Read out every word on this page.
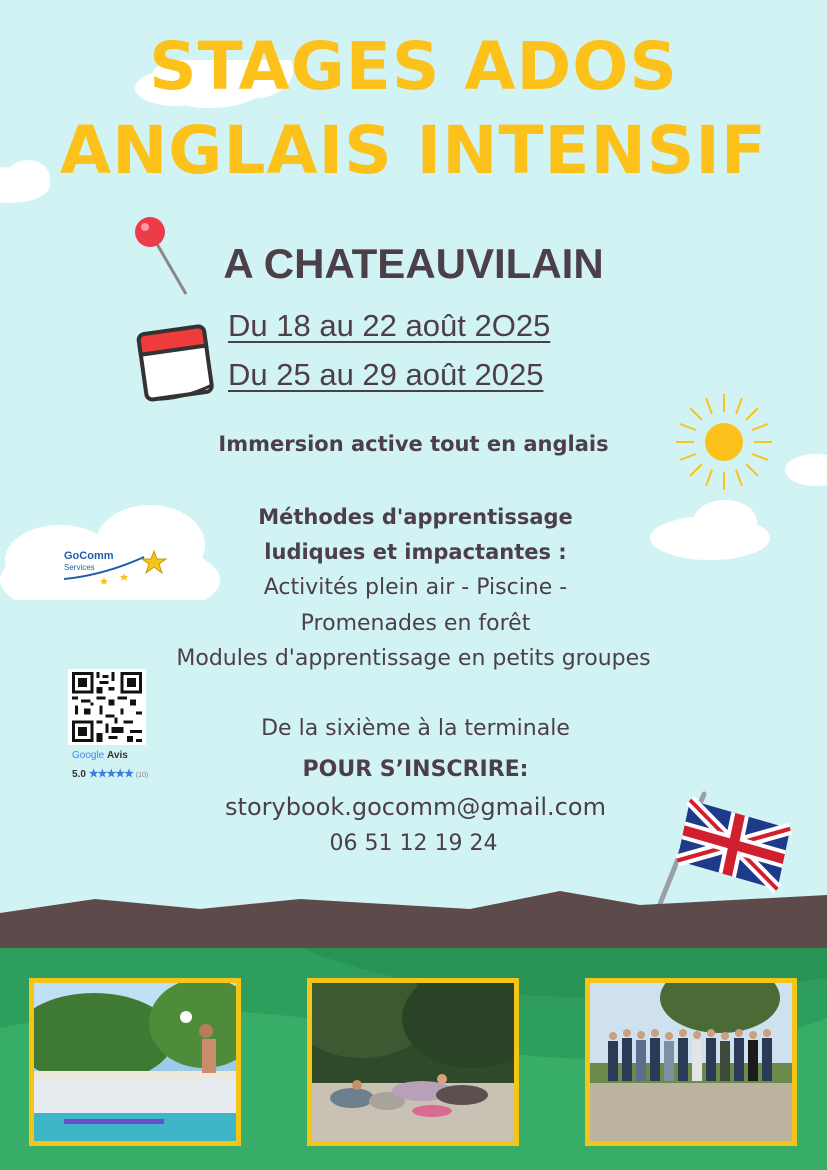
STAGES ADOS
ANGLAIS INTENSIF
A CHATEAUVILAIN
Du 18 au 22 août 2O25
Du 25 au 29 août 2025
Immersion active tout en anglais
Méthodes d'apprentissage
ludiques et impactantes :
Activités plein air - Piscine -
Promenades en forêt
Modules d'apprentissage en petits groupes
De la sixième à la terminale
POUR S’INSCRIRE:
storybook.gocomm@gmail.com
06 51 12 19 24
GoComm
Services
Google Avis
5.0 ★★★★★ (10)
